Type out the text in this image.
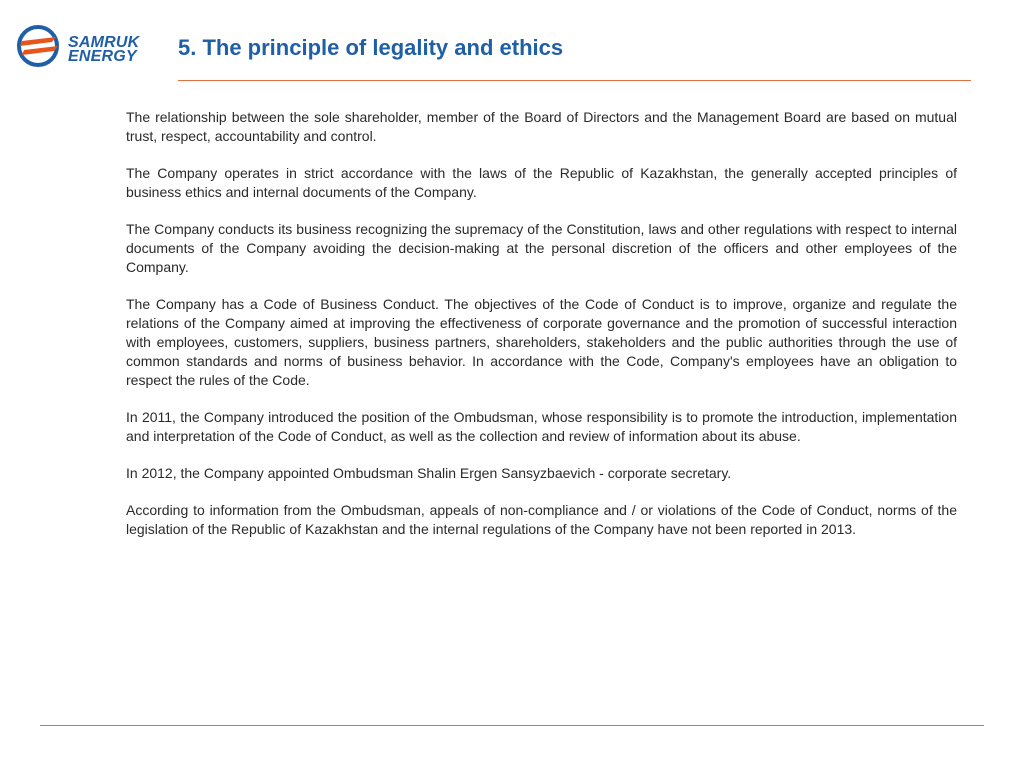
SAMRUK
ENERGY 5. The principle of legality and ethics

The relationship between the sole shareholder, member of the Board of Directors and the Management Board are based on mutual trust, respect, accountability and control.

The Company operates in strict accordance with the laws of the Republic of Kazakhstan, the generally accepted principles of business ethics and internal documents of the Company.

The Company conducts its business recognizing the supremacy of the Constitution, laws and other regulations with respect to internal documents of the Company avoiding the decision-making at the personal discretion of the officers and other employees of the Company.

The Company has a Code of Business Conduct. The objectives of the Code of Conduct is to improve, organize and regulate the relations of the Company aimed at improving the effectiveness of corporate governance and the promotion of successful interaction with employees, customers, suppliers, business partners, shareholders, stakeholders and the public authorities through the use of common standards and norms of business behavior. In accordance with the Code, Company's employees have an obligation to respect the rules of the Code.

In 2011, the Company introduced the position of the Ombudsman, whose responsibility is to promote the introduction, implementation and interpretation of the Code of Conduct, as well as the collection and review of information about its abuse.

In 2012, the Company appointed Ombudsman Shalin Ergen Sansyzbaevich - corporate secretary.

According to information from the Ombudsman, appeals of non-compliance and / or violations of the Code of Conduct, norms of the legislation of the Republic of Kazakhstan and the internal regulations of the Company have not been reported in 2013.
